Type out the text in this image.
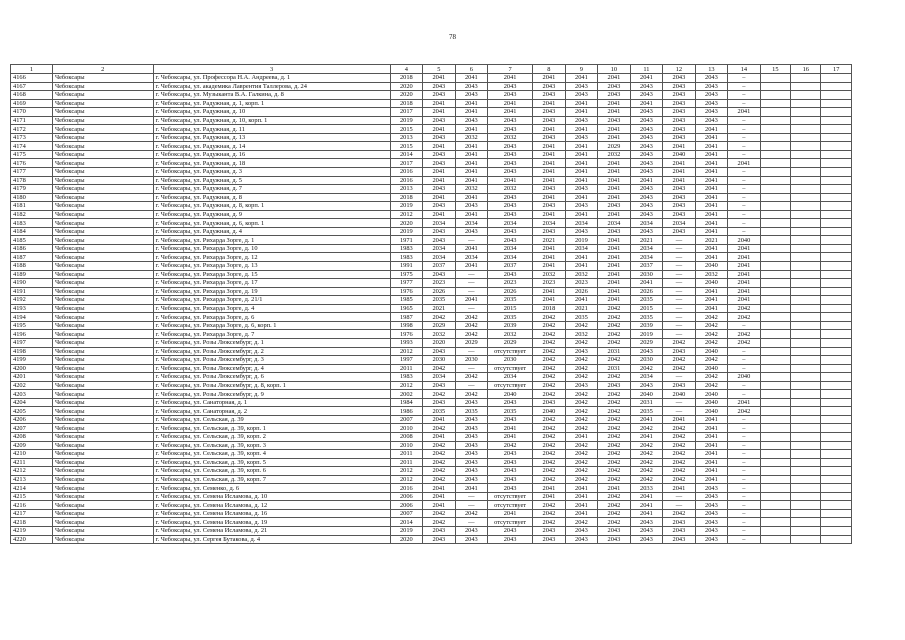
78
1	2	3	4	5	6	7	8	9	10	11	12	13	14	15	16	17
4166	Чебоксары	г. Чебоксары, ул. Профессора Н.А. Андреева, д. 1	2018	2041	2041	2041	2041	2041	2041	2041	2043	2043	–			
4167	Чебоксары	г. Чебоксары, ул. академика Лаврентия Таллерова, д. 24	2020	2043	2043	2043	2043	2043	2043	2043	2043	2043	–			
4168	Чебоксары	г. Чебоксары, ул. Музыканта В.А. Галкина, д. 8	2020	2043	2043	2043	2043	2043	2043	2043	2043	2043	–			
4169	Чебоксары	г. Чебоксары, ул. Радужная, д. 1, корп. 1	2018	2041	2041	2041	2041	2041	2041	2041	2043	2043	–			
4170	Чебоксары	г. Чебоксары, ул. Радужная, д. 10	2017	2041	2041	2041	2043	2041	2041	2043	2043	2043	2041			
4171	Чебоксары	г. Чебоксары, ул. Радужная, д. 10, корп. 1	2019	2043	2043	2043	2043	2043	2043	2043	2043	2043	–			
4172	Чебоксары	г. Чебоксары, ул. Радужная, д. 11	2015	2041	2041	2043	2041	2041	2041	2043	2043	2041	–			
4173	Чебоксары	г. Чебоксары, ул. Радужная, д. 13	2013	2043	2032	2032	2043	2043	2041	2043	2043	2041	–			
4174	Чебоксары	г. Чебоксары, ул. Радужная, д. 14	2015	2041	2041	2043	2041	2041	2029	2043	2041	2041	–			
4175	Чебоксары	г. Чебоксары, ул. Радужная, д. 16	2014	2043	2041	2043	2041	2041	2032	2043	2040	2041	–			
4176	Чебоксары	г. Чебоксары, ул. Радужная, д. 18	2017	2043	2041	2043	2041	2041	2041	2043	2041	2041	2041			
4177	Чебоксары	г. Чебоксары, ул. Радужная, д. 3	2016	2041	2041	2043	2041	2041	2041	2043	2041	2041	–			
4178	Чебоксары	г. Чебоксары, ул. Радужная, д. 5	2016	2041	2041	2041	2041	2041	2041	2041	2041	2041	–			
4179	Чебоксары	г. Чебоксары, ул. Радужная, д. 7	2013	2043	2032	2032	2043	2043	2041	2043	2043	2041	–			
4180	Чебоксары	г. Чебоксары, ул. Радужная, д. 8	2018	2041	2041	2043	2041	2041	2041	2043	2043	2041	–			
4181	Чебоксары	г. Чебоксары, ул. Радужная, д. 8, корп. 1	2019	2043	2043	2043	2043	2043	2043	2043	2043	2041	–			
4182	Чебоксары	г. Чебоксары, ул. Радужная, д. 9	2012	2041	2041	2043	2041	2041	2041	2043	2043	2041	–			
4183	Чебоксары	г. Чебоксары, ул. Радужная, д. 6, корп. 1	2020	2034	2034	2034	2034	2034	2034	2034	2034	2041	–			
4184	Чебоксары	г. Чебоксары, ул. Радужная, д. 4	2019	2043	2043	2043	2043	2043	2043	2043	2043	2041	–			
4185	Чебоксары	г. Чебоксары, ул. Рихарда Зорге, д. 1	1971	2043	—	2043	2021	2019	2041	2021	—	2021	2040			
4186	Чебоксары	г. Чебоксары, ул. Рихарда Зорге, д. 10	1983	2034	2041	2034	2041	2034	2041	2034	—	2041	2041			
4187	Чебоксары	г. Чебоксары, ул. Рихарда Зорге, д. 12	1983	2034	2034	2034	2041	2041	2041	2034	—	2041	2041			
4188	Чебоксары	г. Чебоксары, ул. Рихарда Зорге, д. 13	1991	2037	2041	2037	2041	2041	2041	2037	—	2040	2041			
4189	Чебоксары	г. Чебоксары, ул. Рихарда Зорге, д. 15	1975	2043	—	2043	2032	2032	2041	2030	—	2032	2041			
4190	Чебоксары	г. Чебоксары, ул. Рихарда Зорге, д. 17	1977	2023	—	2023	2023	2023	2041	2041	—	2040	2041			
4191	Чебоксары	г. Чебоксары, ул. Рихарда Зорге, д. 19	1976	2026	—	2026	2041	2026	2041	2026	—	2041	2041			
4192	Чебоксары	г. Чебоксары, ул. Рихарда Зорге, д. 21/1	1985	2035	2041	2035	2041	2041	2041	2035	—	2041	2041			
4193	Чебоксары	г. Чебоксары, ул. Рихарда Зорге, д. 4	1965	2021	—	2015	2018	2021	2042	2015	—	2041	2042			
4194	Чебоксары	г. Чебоксары, ул. Рихарда Зорге, д. 6	1987	2042	2042	2035	2042	2035	2042	2035	—	2042	2042			
4195	Чебоксары	г. Чебоксары, ул. Рихарда Зорге, д. 6, корп. 1	1998	2029	2042	2039	2042	2042	2042	2039	—	2042	–			
4196	Чебоксары	г. Чебоксары, ул. Рихарда Зорге, д. 7	1976	2032	2042	2032	2042	2032	2042	2019	—	2042	2042			
4197	Чебоксары	г. Чебоксары, ул. Розы Люксембург, д. 1	1993	2020	2029	2029	2042	2042	2042	2029	2042	2042	2042			
4198	Чебоксары	г. Чебоксары, ул. Розы Люксембург, д. 2	2012	2043	—	отсутствует	2042	2043	2031	2043	2043	2040	–			
4199	Чебоксары	г. Чебоксары, ул. Розы Люксембург, д. 3	1997	2030	2030	2030	2042	2042	2042	2030	2042	2042	–			
4200	Чебоксары	г. Чебоксары, ул. Розы Люксембург, д. 4	2011	2042	—	отсутствует	2042	2042	2031	2042	2042	2040	–			
4201	Чебоксары	г. Чебоксары, ул. Розы Люксембург, д. 6	1983	2034	2042	2034	2042	2042	2042	2034	—	2042	2040			
4202	Чебоксары	г. Чебоксары, ул. Розы Люксембург, д. 8, корп. 1	2012	2043	—	отсутствует	2042	2043	2043	2043	2043	2042	–			
4203	Чебоксары	г. Чебоксары, ул. Розы Люксембург, д. 9	2002	2042	2042	2040	2042	2042	2042	2040	2040	2040	–			
4204	Чебоксары	г. Чебоксары, ул. Санаторная, д. 1	1984	2043	2043	2043	2043	2042	2042	2031	—	2040	2041			
4205	Чебоксары	г. Чебоксары, ул. Санаторная, д. 2	1986	2035	2035	2035	2040	2042	2042	2035	—	2040	2042			
4206	Чебоксары	г. Чебоксары, ул. Сельская, д. 39	2007	2041	2043	2043	2042	2042	2042	2041	2041	2041	–			
4207	Чебоксары	г. Чебоксары, ул. Сельская, д. 39, корп. 1	2010	2042	2043	2041	2042	2042	2042	2042	2042	2041	–			
4208	Чебоксары	г. Чебоксары, ул. Сельская, д. 39, корп. 2	2008	2041	2043	2041	2042	2041	2042	2041	2042	2041	–			
4209	Чебоксары	г. Чебоксары, ул. Сельская, д. 39, корп. 3	2010	2042	2043	2042	2042	2042	2042	2042	2042	2041	–			
4210	Чебоксары	г. Чебоксары, ул. Сельская, д. 39, корп. 4	2011	2042	2043	2043	2042	2042	2042	2042	2042	2041	–			
4211	Чебоксары	г. Чебоксары, ул. Сельская, д. 39, корп. 5	2011	2042	2043	2043	2042	2042	2042	2042	2042	2041	–			
4212	Чебоксары	г. Чебоксары, ул. Сельская, д. 39, корп. 6	2012	2042	2043	2043	2042	2042	2042	2042	2042	2041	–			
4213	Чебоксары	г. Чебоксары, ул. Сельская, д. 39, корп. 7	2012	2042	2043	2043	2042	2042	2042	2042	2042	2041	–			
4214	Чебоксары	г. Чебоксары, ул. Семенко, д. 6	2016	2041	2041	2043	2041	2041	2041	2033	2041	2043	–			
4215	Чебоксары	г. Чебоксары, ул. Семена Исламова, д. 10	2006	2041	—	отсутствует	2041	2041	2042	2041	—	2043	–			
4216	Чебоксары	г. Чебоксары, ул. Семена Исламова, д. 12	2006	2041	—	отсутствует	2042	2041	2042	2041	—	2043	–			
4217	Чебоксары	г. Чебоксары, ул. Семена Исламова, д. 16	2007	2042	2042	2041	2042	2041	2042	2041	2042	2043	–			
4218	Чебоксары	г. Чебоксары, ул. Семена Исламова, д. 19	2014	2042	—	отсутствует	2042	2042	2042	2043	2043	2043	–			
4219	Чебоксары	г. Чебоксары, ул. Семена Исламова, д. 21	2019	2043	2043	2043	2043	2043	2043	2043	2043	2043	–			
4220	Чебоксары	г. Чебоксары, ул. Сергея Бутакова, д. 4	2020	2043	2043	2043	2043	2043	2043	2043	2043	2043	–			
